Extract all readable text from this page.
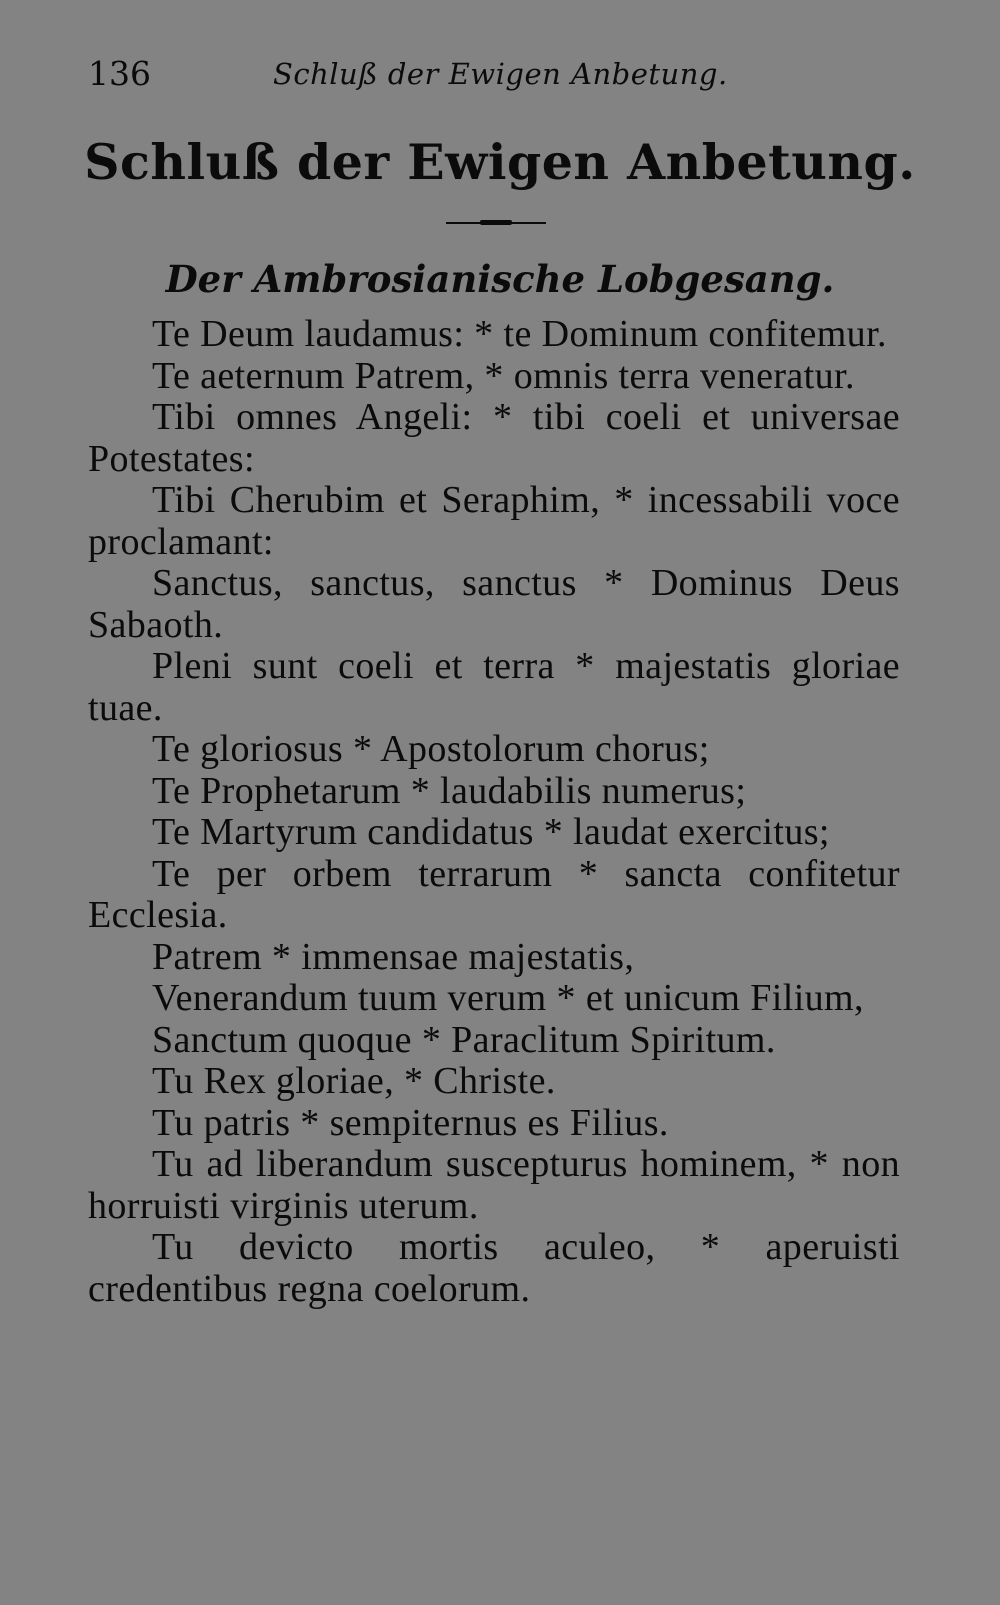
136	Schluß der Ewigen Anbetung.
Schluß der Ewigen Anbetung.
Der Ambrosianische Lobgesang.
Te Deum laudamus: * te Dominum confitemur.
Te aeternum Patrem, * omnis terra veneratur.
Tibi omnes Angeli: * tibi coeli et universae Potestates:
Tibi Cherubim et Seraphim, * incessabili voce proclamant:
Sanctus, sanctus, sanctus * Dominus Deus Sabaoth.
Pleni sunt coeli et terra * majestatis gloriae tuae.
Te gloriosus * Apostolorum chorus;
Te Prophetarum * laudabilis numerus;
Te Martyrum candidatus * laudat exercitus;
Te per orbem terrarum * sancta confitetur Ecclesia.
Patrem * immensae majestatis,
Venerandum tuum verum * et unicum Filium,
Sanctum quoque * Paraclitum Spiritum.
Tu Rex gloriae, * Christe.
Tu patris * sempiternus es Filius.
Tu ad liberandum suscepturus hominem, * non horruisti virginis uterum.
Tu devicto mortis aculeo, * aperuisti credentibus regna coelorum.
